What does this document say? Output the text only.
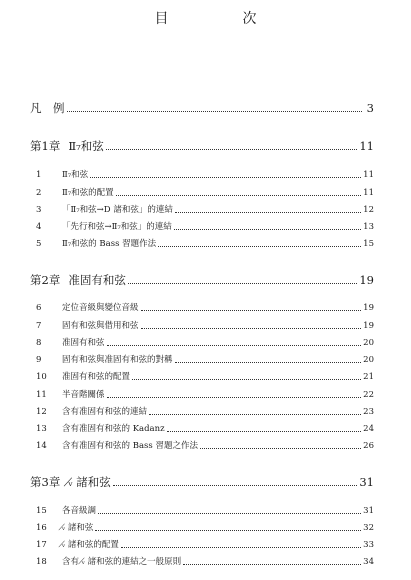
目　次
凡　例	3
第1章 Ⅱ₇和弦	11
1	Ⅱ₇和弦	11
2	Ⅱ₇和弦的配置	11
3	「Ⅱ₇和弦→D 諸和弦」的連結	12
4	「先行和弦→Ⅱ₇和弦」的連結	13
5	Ⅱ₇和弦的 Bass 習題作法	15
第2章 准固有和弦	19
6	定位音級與變位音級	19
7	固有和弦與借用和弦	19
8	准固有和弦	20
9	固有和弦與准固有和弦的對稱	20
10	准固有和弦的配置	21
11	半音階關係	22
12	含有准固有和弦的連結	23
13	含有准固有和弦的 Kadanz	24
14	含有准固有和弦的 Bass 習題之作法	26
第3章 ᵥ̸ 諸和弦	31
15	各音級調	31
16	ᵥ̸ 諸和弦	32
17	ᵥ̸ 諸和弦的配置	33
18	含有 ᵥ̸ 諸和弦的連結之一般原則	34
